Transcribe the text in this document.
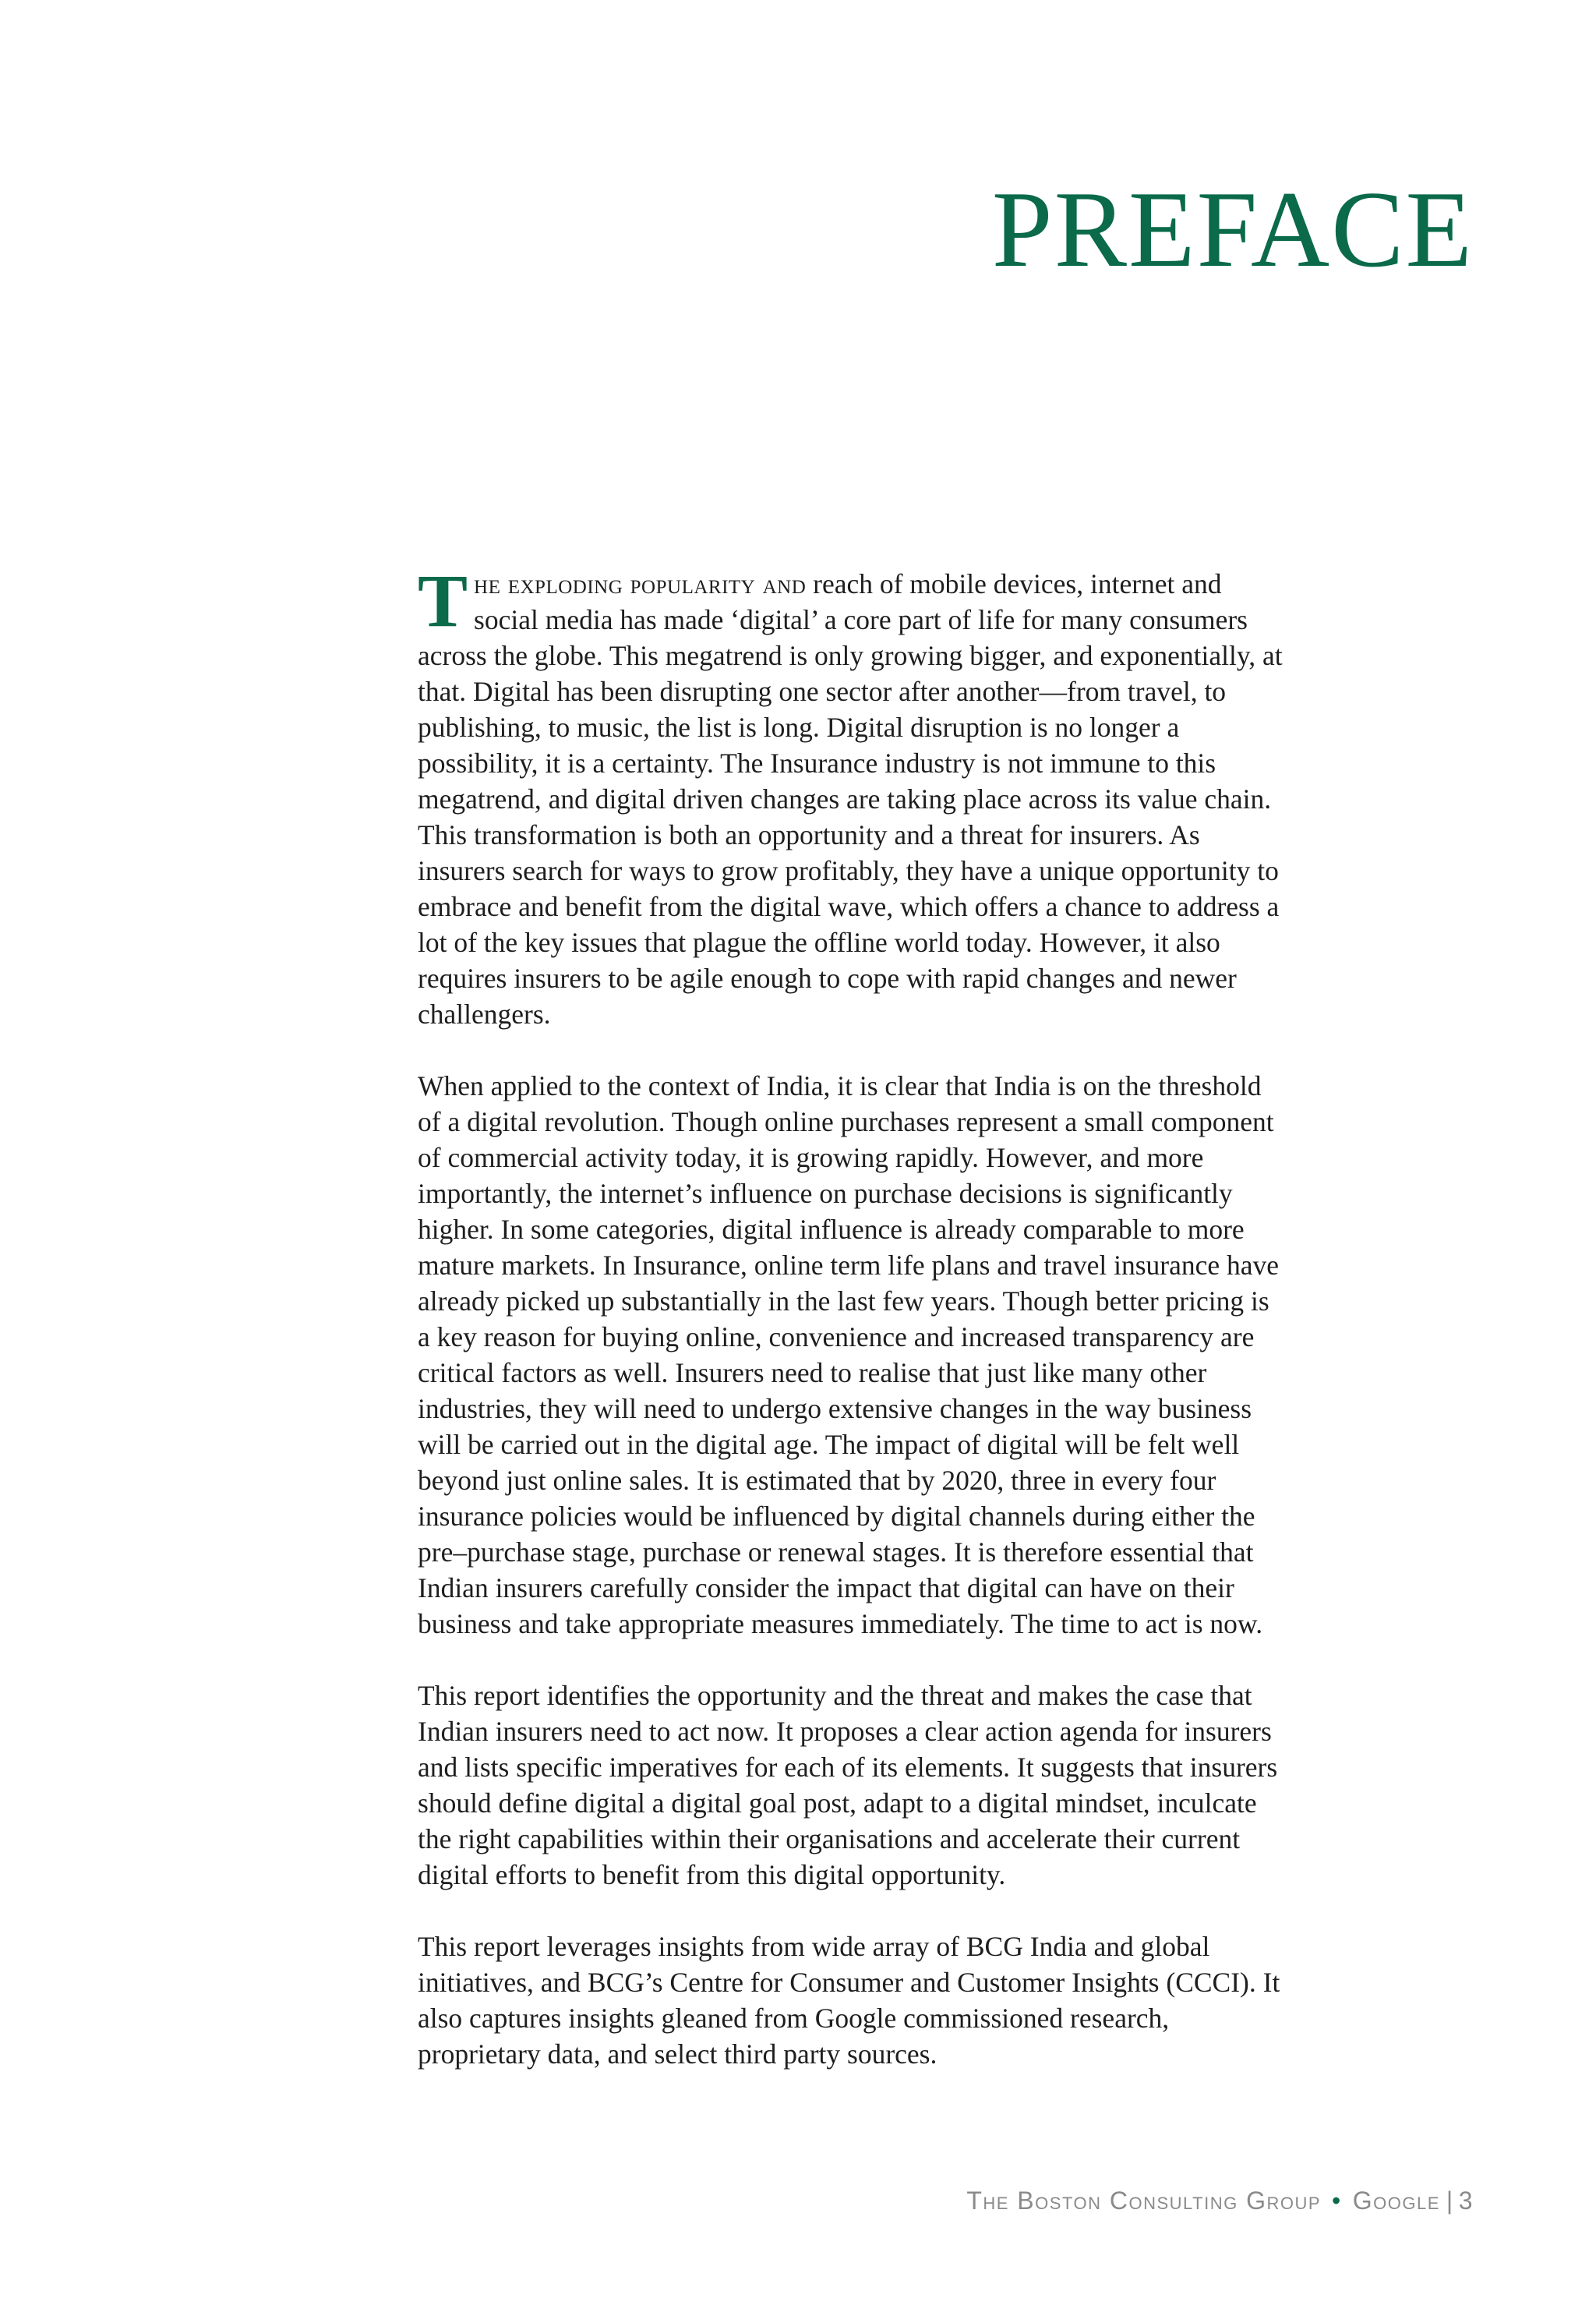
PREFACE

The exploding popularity and reach of mobile devices, internet and social media has made ‘digital’ a core part of life for many consumers across the globe. This megatrend is only growing bigger, and exponentially, at that. Digital has been disrupting one sector after another—from travel, to publishing, to music, the list is long. Digital disruption is no longer a possibility, it is a certainty. The Insurance industry is not immune to this megatrend, and digital driven changes are taking place across its value chain. This transformation is both an opportunity and a threat for insurers. As insurers search for ways to grow profitably, they have a unique opportunity to embrace and benefit from the digital wave, which offers a chance to address a lot of the key issues that plague the offline world today. However, it also requires insurers to be agile enough to cope with rapid changes and newer challengers.

When applied to the context of India, it is clear that India is on the threshold of a digital revolution. Though online purchases represent a small component of commercial activity today, it is growing rapidly. However, and more importantly, the internet’s influence on purchase decisions is significantly higher. In some categories, digital influence is already comparable to more mature markets. In Insurance, online term life plans and travel insurance have already picked up substantially in the last few years. Though better pricing is a key reason for buying online, convenience and increased transparency are critical factors as well. Insurers need to realise that just like many other industries, they will need to undergo extensive changes in the way business will be carried out in the digital age. The impact of digital will be felt well beyond just online sales. It is estimated that by 2020, three in every four insurance policies would be influenced by digital channels during either the pre–purchase stage, purchase or renewal stages. It is therefore essential that Indian insurers carefully consider the impact that digital can have on their business and take appropriate measures immediately. The time to act is now.

This report identifies the opportunity and the threat and makes the case that Indian insurers need to act now. It proposes a clear action agenda for insurers and lists specific imperatives for each of its elements. It suggests that insurers should define digital a digital goal post, adapt to a digital mindset, inculcate the right capabilities within their organisations and accelerate their current digital efforts to benefit from this digital opportunity.

This report leverages insights from wide array of BCG India and global initiatives, and BCG’s Centre for Consumer and Customer Insights (CCCI). It also captures insights gleaned from Google commissioned research, proprietary data, and select third party sources.

The Boston Consulting Group • Google | 3
